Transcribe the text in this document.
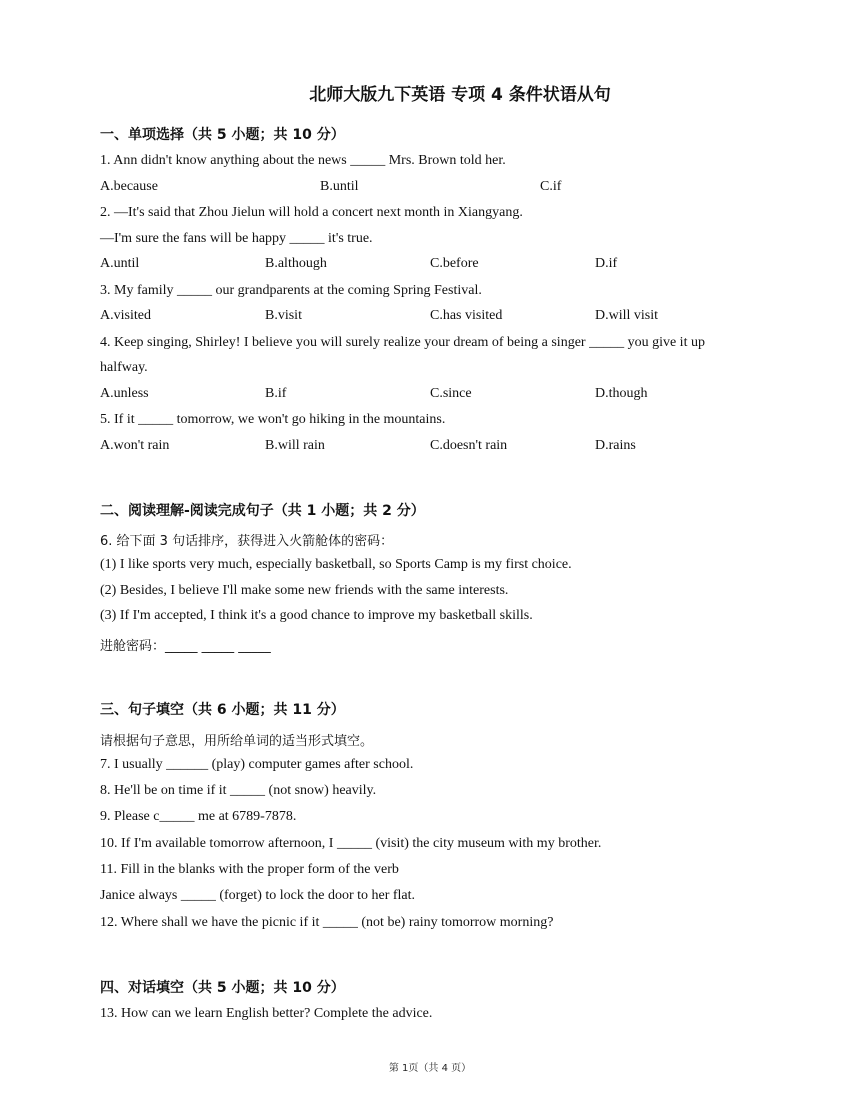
北师大版九下英语 专项 4 条件状语从句
一、单项选择（共 5 小题；共 10 分）
1. Ann didn't know anything about the news _____ Mrs. Brown told her.
A.because	B.until	C.if
2. —It's said that Zhou Jielun will hold a concert next month in Xiangyang.
—I'm sure the fans will be happy _____ it's true.
A.until	B.although	C.before	D.if
3. My family _____ our grandparents at the coming Spring Festival.
A.visited	B.visit	C.has visited	D.will visit
4. Keep singing, Shirley! I believe you will surely realize your dream of being a singer _____ you give it up
halfway.
A.unless	B.if	C.since	D.though
5. If it _____ tomorrow, we won't go hiking in the mountains.
A.won't rain	B.will rain	C.doesn't rain	D.rains
二、阅读理解-阅读完成句子（共 1 小题；共 2 分）
6. 给下面 3 句话排序，获得进入火箭舱体的密码：
(1) I like sports very much, especially basketball, so Sports Camp is my first choice.
(2) Besides, I believe I'll make some new friends with the same interests.
(3) If I'm accepted, I think it's a good chance to improve my basketball skills.
进舱密码：_____ _____ _____
三、句子填空（共 6 小题；共 11 分）
请根据句子意思，用所给单词的适当形式填空。
7. I usually ______ (play) computer games after school.
8. He'll be on time if it _____ (not snow) heavily.
9. Please c_____ me at 6789-7878.
10. If I'm available tomorrow afternoon, I _____ (visit) the city museum with my brother.
11. Fill in the blanks with the proper form of the verb
Janice always _____ (forget) to lock the door to her flat.
12. Where shall we have the picnic if it _____ (not be) rainy tomorrow morning?
四、对话填空（共 5 小题；共 10 分）
13. How can we learn English better? Complete the advice.
第 1页（共 4 页）
